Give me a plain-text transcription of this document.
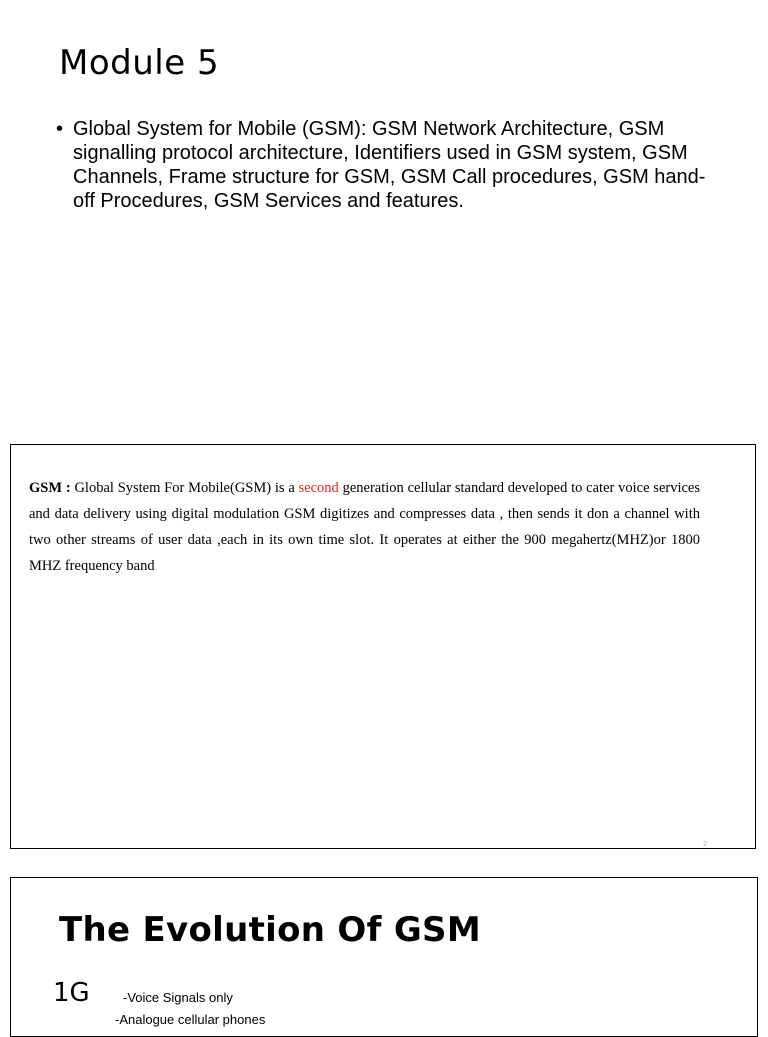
Module 5
• Global System for Mobile (GSM): GSM Network Architecture, GSM signalling protocol architecture, Identifiers used in GSM system, GSM Channels, Frame structure for GSM, GSM Call procedures, GSM hand-off Procedures, GSM Services and features.

GSM : Global System For Mobile(GSM) is a second generation cellular standard developed to cater voice services and data delivery using digital modulation GSM digitizes and compresses data , then sends it don a channel with two other streams of user data ,each in its own time slot. It operates at either the 900 megahertz(MHZ)or 1800 MHZ frequency band

2
The Evolution Of GSM
1G	-Voice Signals only
-Analogue cellular phones
